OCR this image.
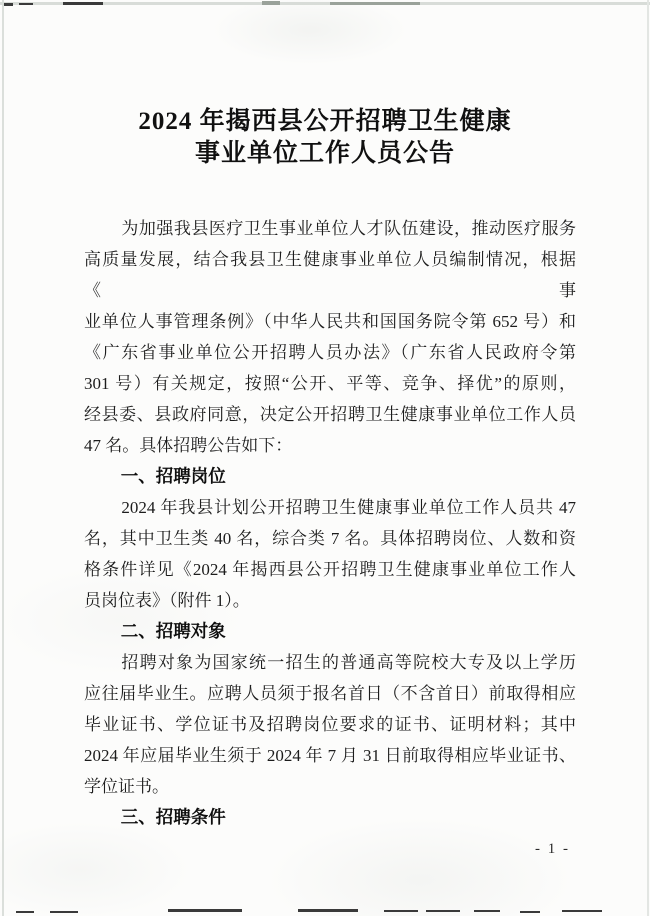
2024 年揭西县公开招聘卫生健康
事业单位工作人员公告
为加强我县医疗卫生事业单位人才队伍建设，推动医疗服务
高质量发展，结合我县卫生健康事业单位人员编制情况，根据《事
业单位人事管理条例》（中华人民共和国国务院令第 652 号）和
《广东省事业单位公开招聘人员办法》（广东省人民政府令第
301 号）有关规定，按照“公开、平等、竞争、择优”的原则，
经县委、县政府同意，决定公开招聘卫生健康事业单位工作人员
47 名。具体招聘公告如下：
一、招聘岗位
2024 年我县计划公开招聘卫生健康事业单位工作人员共 47
名，其中卫生类 40 名，综合类 7 名。具体招聘岗位、人数和资
格条件详见《2024 年揭西县公开招聘卫生健康事业单位工作人
员岗位表》（附件 1）。
二、招聘对象
招聘对象为国家统一招生的普通高等院校大专及以上学历
应往届毕业生。应聘人员须于报名首日（不含首日）前取得相应
毕业证书、学位证书及招聘岗位要求的证书、证明材料；其中
2024 年应届毕业生须于 2024 年 7 月 31 日前取得相应毕业证书、
学位证书。
三、招聘条件
- 1 -
